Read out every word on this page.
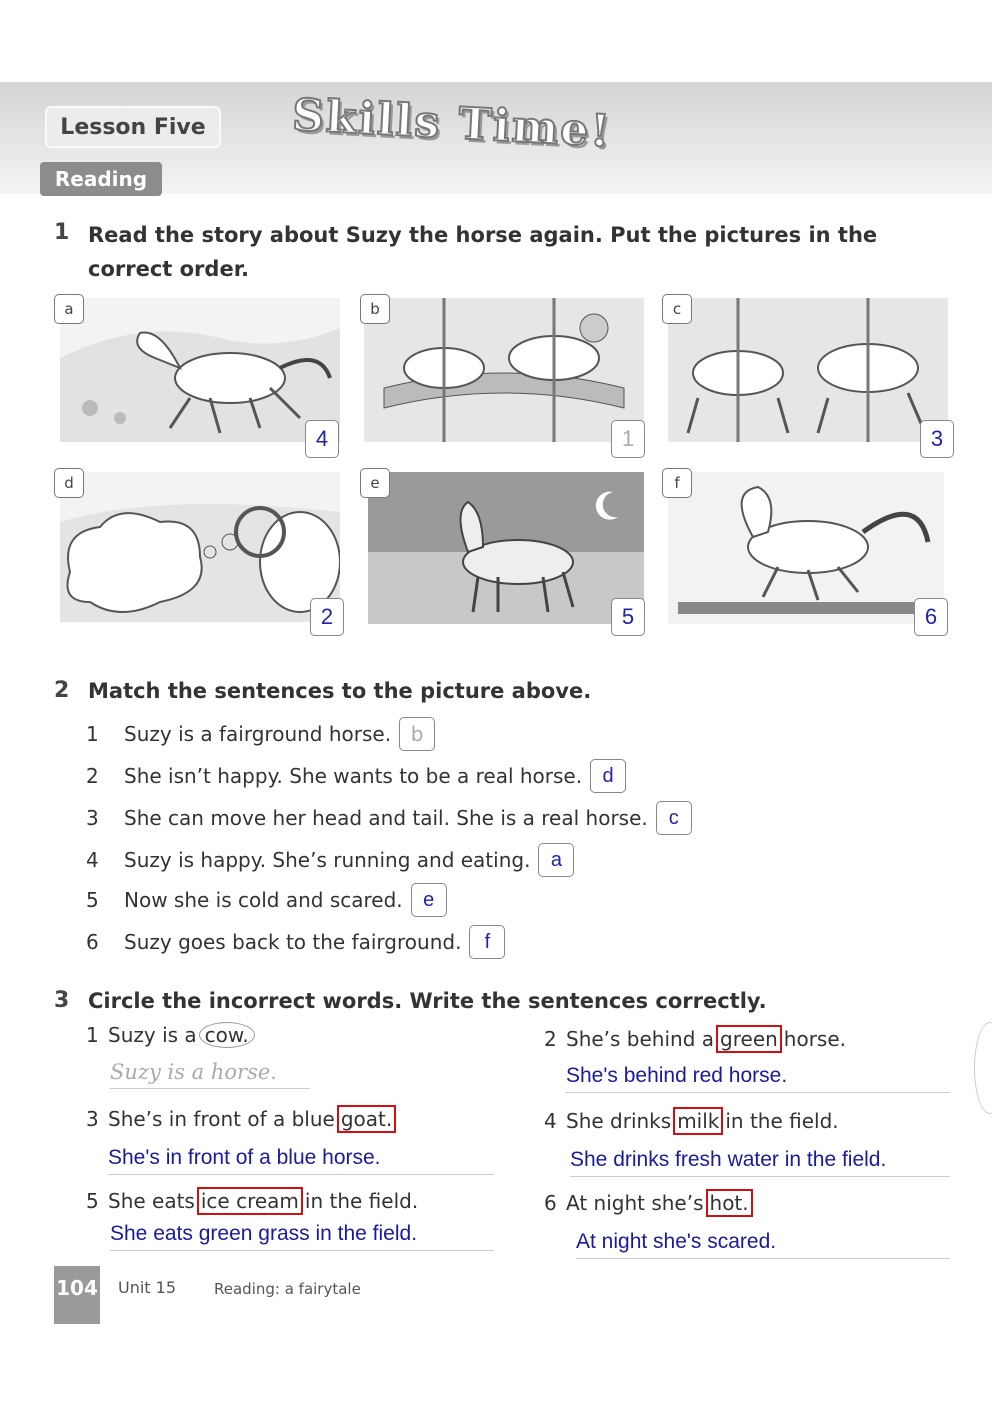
Lesson Five	Skills Time!
Reading
1 Read the story about Suzy the horse again. Put the pictures in the
correct order.
a
4
b
1
c
3
d
2
e
5
f
6
2 Match the sentences to the picture above.
1	Suzy is a fairground horse. b
2	She isn’t happy. She wants to be a real horse.	d
3	She can move her head and tail. She is a real horse.	c
4	Suzy is happy. She’s running and eating.	a
5	Now she is cold and scared.	e
6	Suzy goes back to the fairground.	f
3 Circle the incorrect words. Write the sentences correctly.
1 Suzy is a cow.
Suzy is a horse.
2 She’s behind a green horse.
She's behind red horse.
3 She’s in front of a blue goat.
She's in front of a blue horse.
4 She drinks milk in the field.
She drinks fresh water in the field.
5 She eats ice cream in the field.
She eats green grass in the field.
6 At night she’s hot.
At night she's scared.
104 Unit 15	Reading: a fairytale
